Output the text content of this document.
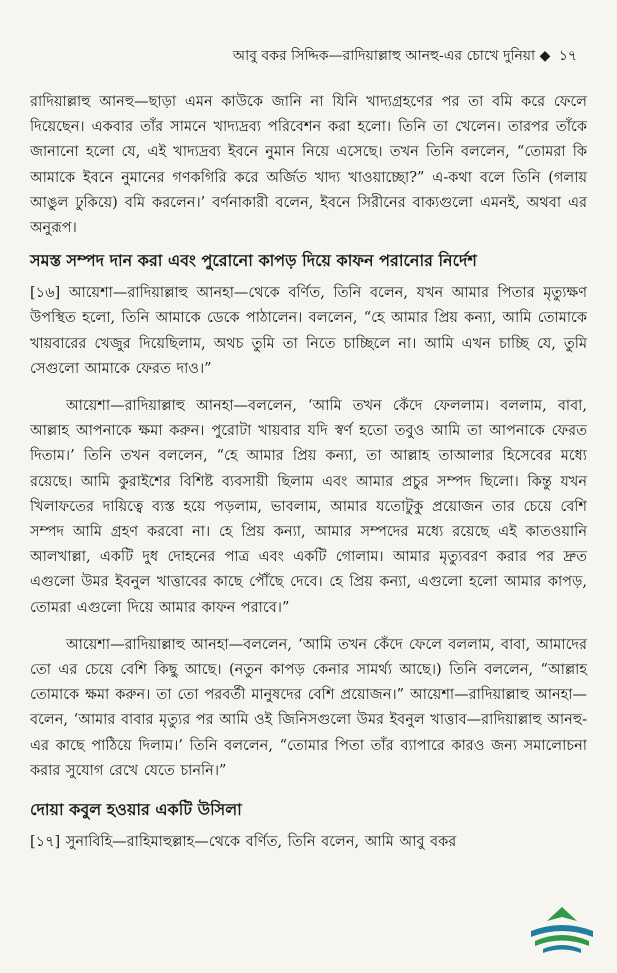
আবু বকর সিদ্দিক—রাদিয়াল্লাহু আনহু-এর চোখে দুনিয়া ◆ ১৭

রাদিয়াল্লাহু আনহু—ছাড়া এমন কাউকে জানি না যিনি খাদ্যগ্রহণের পর তা বমি করে ফেলে দিয়েছেন। একবার তাঁর সামনে খাদ্যদ্রব্য পরিবেশন করা হলো। তিনি তা খেলেন। তারপর তাঁকে জানানো হলো যে, এই খাদ্যদ্রব্য ইবনে নুমান নিয়ে এসেছে। তখন তিনি বললেন, “তোমরা কি আমাকে ইবনে নুমানের গণকগিরি করে অর্জিত খাদ্য খাওয়াচ্ছো?” এ-কথা বলে তিনি (গলায় আঙুল ঢুকিয়ে) বমি করলেন।’ বর্ণনাকারী বলেন, ইবনে সিরীনের বাক্যগুলো এমনই, অথবা এর অনুরূপ।

সমস্ত সম্পদ দান করা এবং পুরোনো কাপড় দিয়ে কাফন পরানোর নির্দেশ

[১৬] আয়েশা—রাদিয়াল্লাহু আনহা—থেকে বর্ণিত, তিনি বলেন, যখন আমার পিতার মৃত্যুক্ষণ উপস্থিত হলো, তিনি আমাকে ডেকে পাঠালেন। বললেন, “হে আমার প্রিয় কন্যা, আমি তোমাকে খায়বারের খেজুর দিয়েছিলাম, অথচ তুমি তা নিতে চাচ্ছিলে না। আমি এখন চাচ্ছি যে, তুমি সেগুলো আমাকে ফেরত দাও।”

আয়েশা—রাদিয়াল্লাহু আনহা—বললেন, ‘আমি তখন কেঁদে ফেললাম। বললাম, বাবা, আল্লাহ আপনাকে ক্ষমা করুন। পুরোটা খায়বার যদি স্বর্ণ হতো তবুও আমি তা আপনাকে ফেরত দিতাম।’ তিনি তখন বললেন, “হে আমার প্রিয় কন্যা, তা আল্লাহ তাআলার হিসেবের মধ্যে রয়েছে। আমি কুরাইশের বিশিষ্ট ব্যবসায়ী ছিলাম এবং আমার প্রচুর সম্পদ ছিলো। কিন্তু যখন খিলাফতের দায়িত্বে ব্যস্ত হয়ে পড়লাম, ভাবলাম, আমার যতোটুকু প্রয়োজন তার চেয়ে বেশি সম্পদ আমি গ্রহণ করবো না। হে প্রিয় কন্যা, আমার সম্পদের মধ্যে রয়েছে এই কাতওয়ানি আলখাল্লা, একটি দুধ দোহনের পাত্র এবং একটি গোলাম। আমার মৃত্যুবরণ করার পর দ্রুত এগুলো উমর ইবনুল খাত্তাবের কাছে পৌঁছে দেবে। হে প্রিয় কন্যা, এগুলো হলো আমার কাপড়, তোমরা এগুলো দিয়ে আমার কাফন পরাবে।”

আয়েশা—রাদিয়াল্লাহু আনহা—বললেন, ‘আমি তখন কেঁদে ফেলে বললাম, বাবা, আমাদের তো এর চেয়ে বেশি কিছু আছে। (নতুন কাপড় কেনার সামর্থ্য আছে।) তিনি বললেন, “আল্লাহ তোমাকে ক্ষমা করুন। তা তো পরবর্তী মানুষদের বেশি প্রয়োজন।” আয়েশা—রাদিয়াল্লাহু আনহা—বলেন, ‘আমার বাবার মৃত্যুর পর আমি ওই জিনিসগুলো উমর ইবনুল খাত্তাব—রাদিয়াল্লাহু আনহু-এর কাছে পাঠিয়ে দিলাম।’ তিনি বললেন, “তোমার পিতা তাঁর ব্যাপারে কারও জন্য সমালোচনা করার সুযোগ রেখে যেতে চাননি।”

দোয়া কবুল হওয়ার একটি উসিলা

[১৭] সুনাবিহি—রাহিমাহুল্লাহ—থেকে বর্ণিত, তিনি বলেন, আমি আবু বকর
